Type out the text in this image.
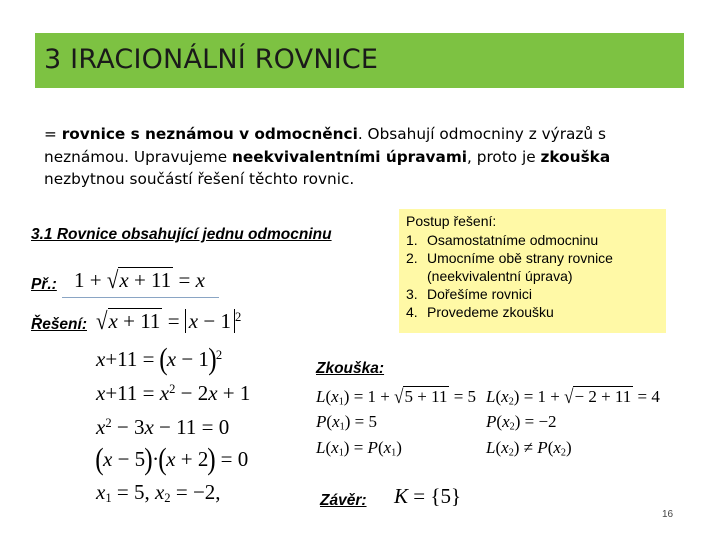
3 IRACIONÁLNÍ ROVNICE
= rovnice s neznámou v odmocněnci. Obsahují odmocniny z výrazů s neznámou. Upravujeme neekvivalentními úpravami, proto je zkouška nezbytnou součástí řešení těchto rovnic.
3.1 Rovnice obsahující jednu odmocninu
Postup řešení:
1. Osamostatníme odmocninu
2. Umocníme obě strany rovnice (neekvivalentní úprava)
3. Dořešíme rovnici
4. Provedeme zkoušku
Př.: 1 + √x + 11 = x
Řešení: √x + 11 = x − 1 $^2$
$x+11 = (x - 1)^2$
$x+11 = x^2 - 2x + 1$
$x^2 - 3x - 11 = 0$
(x − 5)·(x + 2) = 0
$x_1 = 5$, $x_2 = -2$,
Zkouška:
$L(x_1) = 1 + √5 + 11 = 5$
$P(x_1) = 5$
$L(x_1) = P(x_1)$
$L(x_2) = 1$ + √− 2 + 11 = 4
$P(x_2) = -2$
$L(x_2) \ne P(x_2)$
Závěr: K = {5}
16
